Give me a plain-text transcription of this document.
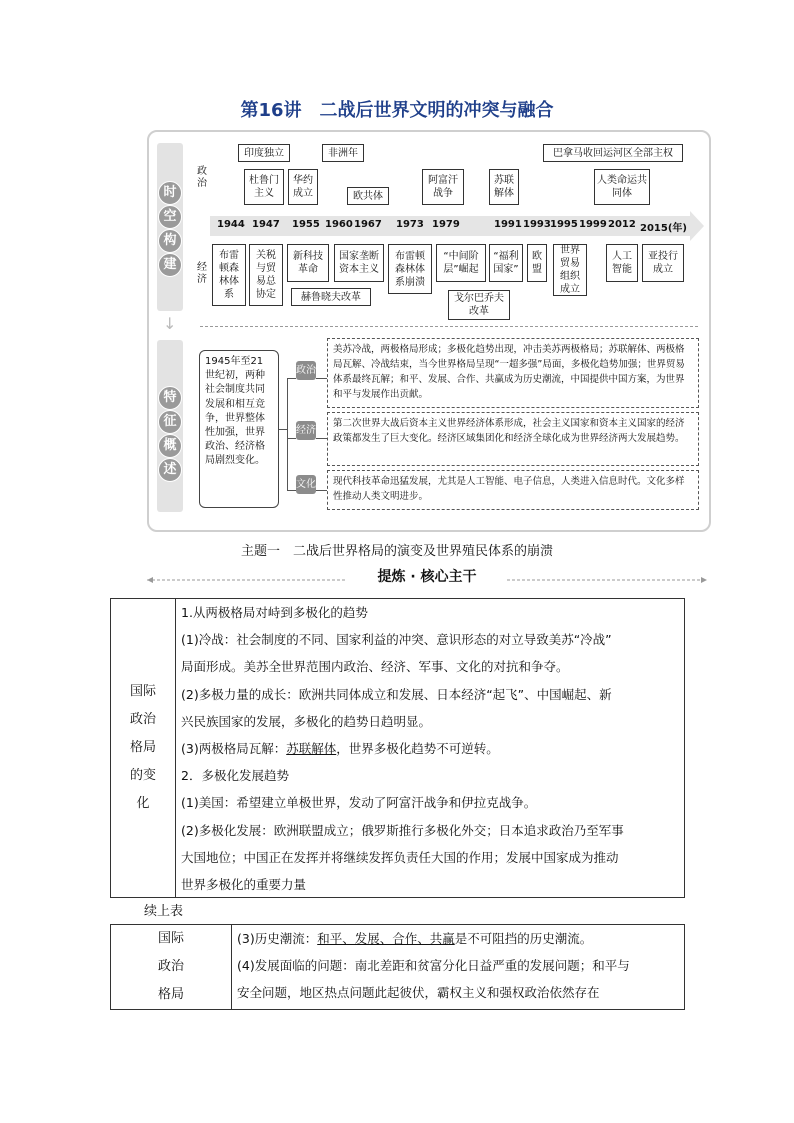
第16讲　二战后世界文明的冲突与融合
时
空
构
建
↓
特
征
概
述
政治
经济
印度独立	非洲年	巴拿马收回运河区全部主权
杜鲁门主义
华约成立	欧共体
阿富汗战争
苏联解体
人类命运共同体
1944 1947 1955 1960 1967 1973 1979	1991 1993 1995 1999 2012 2015(年)
布雷顿森林体系
关税与贸易总协定
新科技革命
国家垄断资本主义
布雷顿森林体系崩溃
“中间阶层”崛起
“福利国家”
欧盟
世界贸易组织成立
人工智能
亚投行成立
赫鲁晓夫改革	戈尔巴乔夫改革
1945年至21世纪初，两种社会制度共同发展和相互竞争，世界整体性加强，世界政治、经济格局剧烈变化。
政治
经济
文化
美苏冷战，两极格局形成；多极化趋势出现，冲击美苏两极格局；苏联解体、两极格局瓦解、冷战结束，当今世界格局呈现“一超多强”局面，多极化趋势加强；世界贸易体系最终瓦解；和平、发展、合作、共赢成为历史潮流，中国提供中国方案，为世界和平与发展作出贡献。
第二次世界大战后资本主义世界经济体系形成，社会主义国家和资本主义国家的经济政策都发生了巨大变化。经济区域集团化和经济全球化成为世界经济两大发展趋势。
现代科技革命迅猛发展，尤其是人工智能、电子信息，人类进入信息时代。文化多样性推动人类文明进步。
主题一　二战后世界格局的演变及世界殖民体系的崩溃
提炼 · 核心主干
国际
政治
格局
的变
化
1.从两极格局对峙到多极化的趋势
(1)冷战：社会制度的不同、国家利益的冲突、意识形态的对立导致美苏“冷战”
局面形成。美苏全世界范围内政治、经济、军事、文化的对抗和争夺。
(2)多极力量的成长：欧洲共同体成立和发展、日本经济“起飞”、中国崛起、新
兴民族国家的发展，多极化的趋势日趋明显。
(3)两极格局瓦解：苏联解体，世界多极化趋势不可逆转。
2．多极化发展趋势
(1)美国：希望建立单极世界，发动了阿富汗战争和伊拉克战争。
(2)多极化发展：欧洲联盟成立；俄罗斯推行多极化外交；日本追求政治乃至军事
大国地位；中国正在发挥并将继续发挥负责任大国的作用；发展中国家成为推动
世界多极化的重要力量
续上表
国际
政治
格局
(3)历史潮流：和平、发展、合作、共赢是不可阻挡的历史潮流。
(4)发展面临的问题：南北差距和贫富分化日益严重的发展问题；和平与
安全问题，地区热点问题此起彼伏，霸权主义和强权政治依然存在
